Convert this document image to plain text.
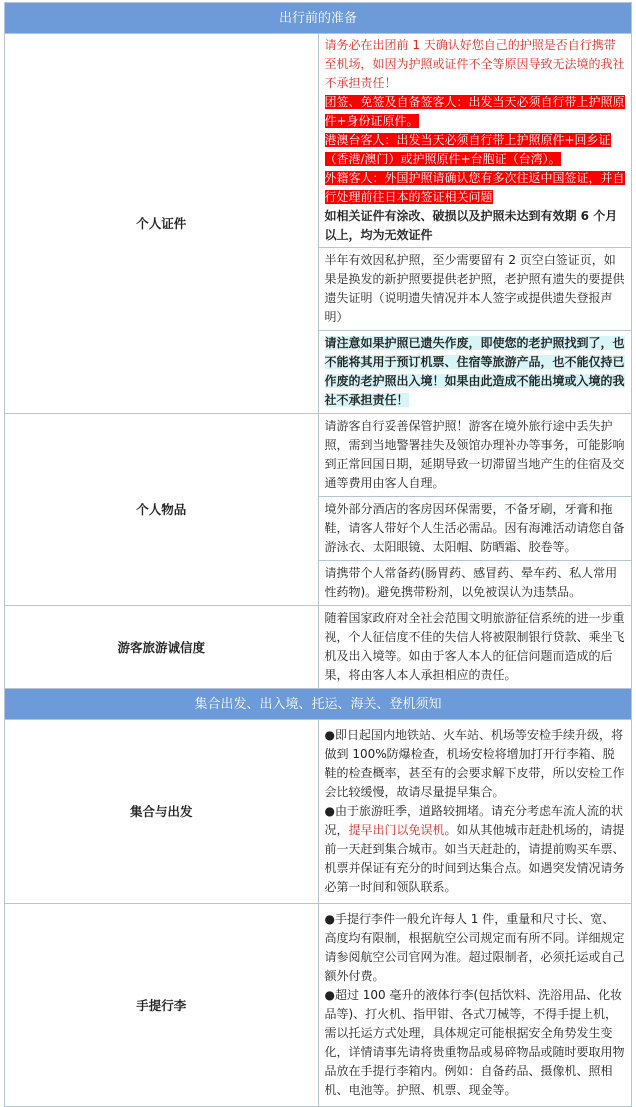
出行前的准备	
个人证件	请务必在出团前 1 天确认好您自己的护照是否自行携带至机场，如因为护照或证件不全等原因导致无法境的我社不承担责任！
团签、免签及自备签客人：出发当天必须自行带上护照原件+身份证原件。
港澳台客人：出发当天必须自行带上护照原件+回乡证（香港/澳门）或护照原件+台胞证（台湾）。
外籍客人：外国护照请确认您有多次往返中国签证，并自行处理前往日本的签证相关问题
如相关证件有涂改、破损以及护照未达到有效期 6 个月以上，均为无效证件

	半年有效因私护照，至少需要留有 2 页空白签证页，如果是换发的新护照要提供老护照，老护照有遗失的要提供遗失证明（说明遗失情况并本人签字或提供遗失登报声明）
	请注意如果护照已遗失作废，即使您的老护照找到了，也不能将其用于预订机票、住宿等旅游产品，也不能仅持已作废的老护照出入境！如果由此造成不能出境或入境的我社不承担责任！
个人物品	请游客自行妥善保管护照！游客在境外旅行途中丢失护照，需到当地警署挂失及领馆办理补办等事务，可能影响到正常回国日期，延期导致一切滞留当地产生的住宿及交通等费用由客人自理。
	境外部分酒店的客房因环保需要，不备牙刷，牙膏和拖鞋，请客人带好个人生活必需品。因有海滩活动请您自备游泳衣、太阳眼镜、太阳帽、防晒霜、胶卷等。
	请携带个人常备药(肠胃药、感冒药、晕车药、私人常用性药物)。避免携带粉剂，以免被误认为违禁品。
游客旅游诚信度	随着国家政府对全社会范围文明旅游征信系统的进一步重视，个人征信度不佳的失信人将被限制银行贷款、乘坐飞机及出入境等。如由于客人本人的征信问题而造成的后果，将由客人本人承担相应的责任。
集合出发、出入境、托运、海关、登机须知	
集合与出发	●即日起国内地铁站、火车站、机场等安检手续升级，将做到 100%防爆检查，机场安检将增加打开行李箱、脱鞋的检查概率，甚至有的会要求解下皮带，所以安检工作会比较缓慢，故请尽量提早集合。
●由于旅游旺季，道路较拥堵。请充分考虑车流人流的状况，提早出门以免误机。如从其他城市赶赴机场的，请提前一天赶到集合城市。如当天赶赴的，请提前购买车票、机票并保证有充分的时间到达集合点。如遇突发情况请务必第一时间和领队联系。

手提行李	●手提行李件一般允许每人 1 件，重量和尺寸长、宽、高度均有限制，根据航空公司规定而有所不同。详细规定请参阅航空公司官网为准。超过限制者，必须托运或自己额外付费。
●超过 100 毫升的液体行李(包括饮料、洗浴用品、化妆品等)、打火机、指甲钳、各式刀械等，不得手提上机，需以托运方式处理，具体规定可能根据安全角势发生变化，详情请事先请将贵重物品或易碎物品或随时要取用物品放在手提行李箱内。例如：自备药品、摄像机、照相机、电池等。护照、机票、现金等。
